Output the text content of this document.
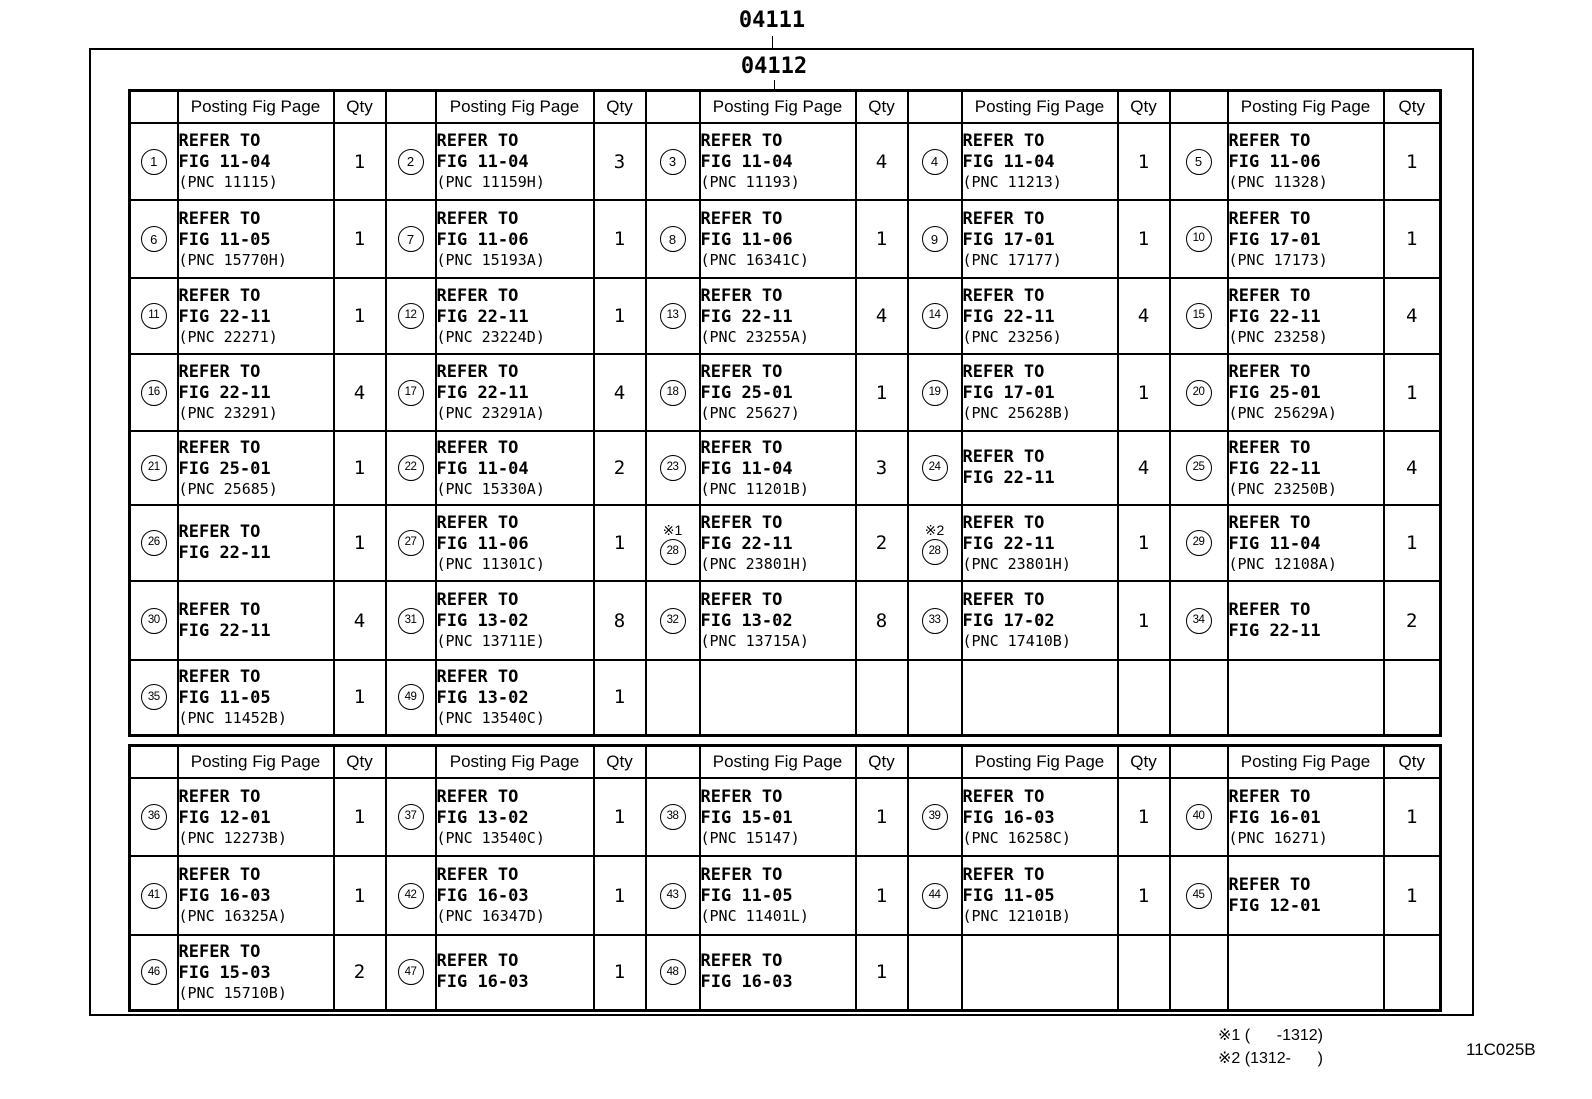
04111
04112
	Posting Fig Page	Qty		Posting Fig Page	Qty		Posting Fig Page	Qty		Posting Fig Page	Qty		Posting Fig Page	Qty
1	REFER TO
FIG 11-04
(PNC 11115)	1	2	REFER TO
FIG 11-04
(PNC 11159H)	3	3	REFER TO
FIG 11-04
(PNC 11193)	4	4	REFER TO
FIG 11-04
(PNC 11213)	1	5	REFER TO
FIG 11-06
(PNC 11328)	1
6	REFER TO
FIG 11-05
(PNC 15770H)	1	7	REFER TO
FIG 11-06
(PNC 15193A)	1	8	REFER TO
FIG 11-06
(PNC 16341C)	1	9	REFER TO
FIG 17-01
(PNC 17177)	1	10	REFER TO
FIG 17-01
(PNC 17173)	1
11	REFER TO
FIG 22-11
(PNC 22271)	1	12	REFER TO
FIG 22-11
(PNC 23224D)	1	13	REFER TO
FIG 22-11
(PNC 23255A)	4	14	REFER TO
FIG 22-11
(PNC 23256)	4	15	REFER TO
FIG 22-11
(PNC 23258)	4
16	REFER TO
FIG 22-11
(PNC 23291)	4	17	REFER TO
FIG 22-11
(PNC 23291A)	4	18	REFER TO
FIG 25-01
(PNC 25627)	1	19	REFER TO
FIG 17-01
(PNC 25628B)	1	20	REFER TO
FIG 25-01
(PNC 25629A)	1
21	REFER TO
FIG 25-01
(PNC 25685)	1	22	REFER TO
FIG 11-04
(PNC 15330A)	2	23	REFER TO
FIG 11-04
(PNC 11201B)	3	24	REFER TO
FIG 22-11	4	25	REFER TO
FIG 22-11
(PNC 23250B)	4
26	REFER TO
FIG 22-11	1	27	REFER TO
FIG 11-06
(PNC 11301C)	1	※1
28	REFER TO
FIG 22-11
(PNC 23801H)	2	※2
28	REFER TO
FIG 22-11
(PNC 23801H)	1	29	REFER TO
FIG 11-04
(PNC 12108A)	1
30	REFER TO
FIG 22-11	4	31	REFER TO
FIG 13-02
(PNC 13711E)	8	32	REFER TO
FIG 13-02
(PNC 13715A)	8	33	REFER TO
FIG 17-02
(PNC 17410B)	1	34	REFER TO
FIG 22-11	2
35	REFER TO
FIG 11-05
(PNC 11452B)	1	49	REFER TO
FIG 13-02
(PNC 13540C)	1									
	Posting Fig Page	Qty		Posting Fig Page	Qty		Posting Fig Page	Qty		Posting Fig Page	Qty		Posting Fig Page	Qty
36	REFER TO
FIG 12-01
(PNC 12273B)	1	37	REFER TO
FIG 13-02
(PNC 13540C)	1	38	REFER TO
FIG 15-01
(PNC 15147)	1	39	REFER TO
FIG 16-03
(PNC 16258C)	1	40	REFER TO
FIG 16-01
(PNC 16271)	1
41	REFER TO
FIG 16-03
(PNC 16325A)	1	42	REFER TO
FIG 16-03
(PNC 16347D)	1	43	REFER TO
FIG 11-05
(PNC 11401L)	1	44	REFER TO
FIG 11-05
(PNC 12101B)	1	45	REFER TO
FIG 12-01	1
46	REFER TO
FIG 15-03
(PNC 15710B)	2	47	REFER TO
FIG 16-03	1	48	REFER TO
FIG 16-03	1						
※1 (      -1312)
※2 (1312-      )	11C025B
